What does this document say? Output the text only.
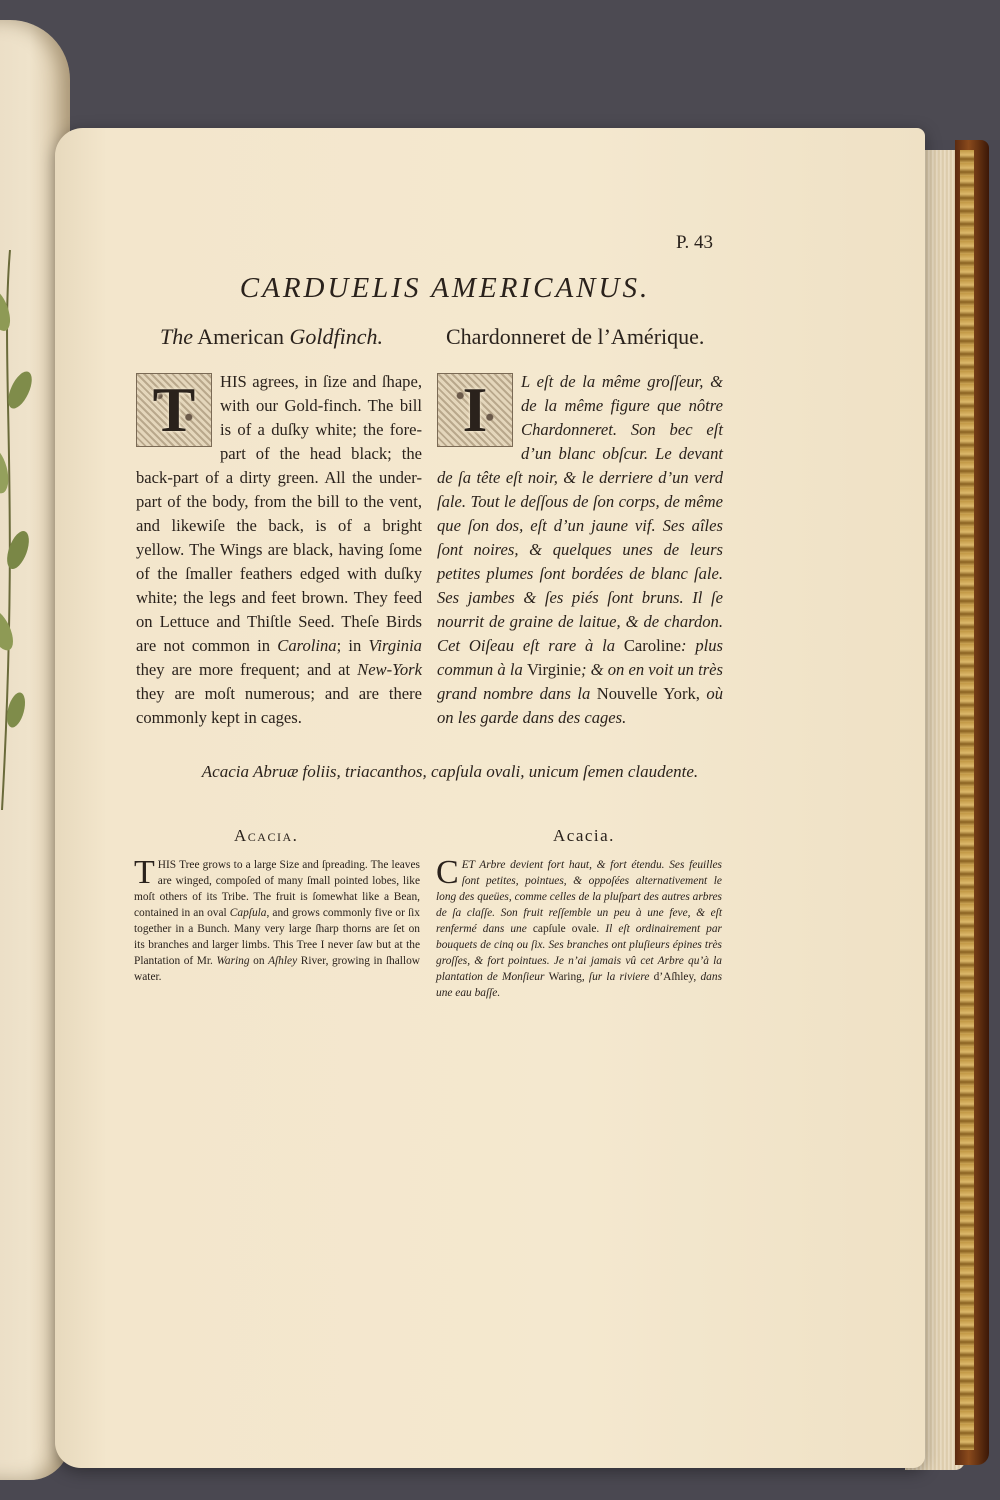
P. 43
CARDUELIS AMERICANUS.
The American Goldfinch.	Chardonneret de l’Amérique.
T	HIS agrees, in ſize and ſhape, with our Gold-finch. The bill is of a duſky white; the fore-part of the head black; the back-part of a dirty green. All the under-part of the body, from the bill to the vent, and likewiſe the back, is of a bright yellow. The Wings are black, having ſome of the ſmaller feathers edged with duſky white; the legs and feet brown. They feed on Lettuce and Thiſtle Seed. Theſe Birds are not common in Carolina; in Virginia they are more frequent; and at New-York they are moſt numerous; and are there commonly kept in cages.
I	L eſt de la même groſſeur, & de la même figure que nôtre Chardonneret. Son bec eſt d’un blanc obſcur. Le devant de ſa tête eſt noir, & le derriere d’un verd ſale. Tout le deſſous de ſon corps, de même que ſon dos, eſt d’un jaune vif. Ses aîles ſont noires, & quelques unes de leurs petites plumes ſont bordées de blanc ſale. Ses jambes & ſes piés ſont bruns. Il ſe nourrit de graine de laitue, & de chardon. Cet Oiſeau eſt rare à la Caroline: plus commun à la Virginie; & on en voit un très grand nombre dans la Nouvelle York, où on les garde dans des cages.
Acacia Abruæ foliis, triacanthos, capſula ovali, unicum ſemen claudente.
Acacia.	Acacia.
T HIS Tree grows to a large Size and ſpreading. The leaves are winged, compoſed of many ſmall pointed lobes, like moſt others of its Tribe. The fruit is ſomewhat like a Bean, contained in an oval Capſula, and grows commonly five or ſix together in a Bunch. Many very large ſharp thorns are ſet on its branches and larger limbs. This Tree I never ſaw but at the Plantation of Mr. Waring on Aſhley River, growing in ſhallow water.
C ET Arbre devient fort haut, & fort étendu. Ses feuilles ſont petites, pointues, & oppoſées alternativement le long des queües, comme celles de la pluſpart des autres arbres de ſa claſſe. Son fruit reſſemble un peu à une feve, & eſt renfermé dans une capſule ovale. Il eſt ordinairement par bouquets de cinq ou ſix. Ses branches ont pluſieurs épines très groſſes, & fort pointues. Je n’ai jamais vû cet Arbre qu’à la plantation de Monſieur Waring, ſur la riviere d’Aſhley, dans une eau baſſe.
